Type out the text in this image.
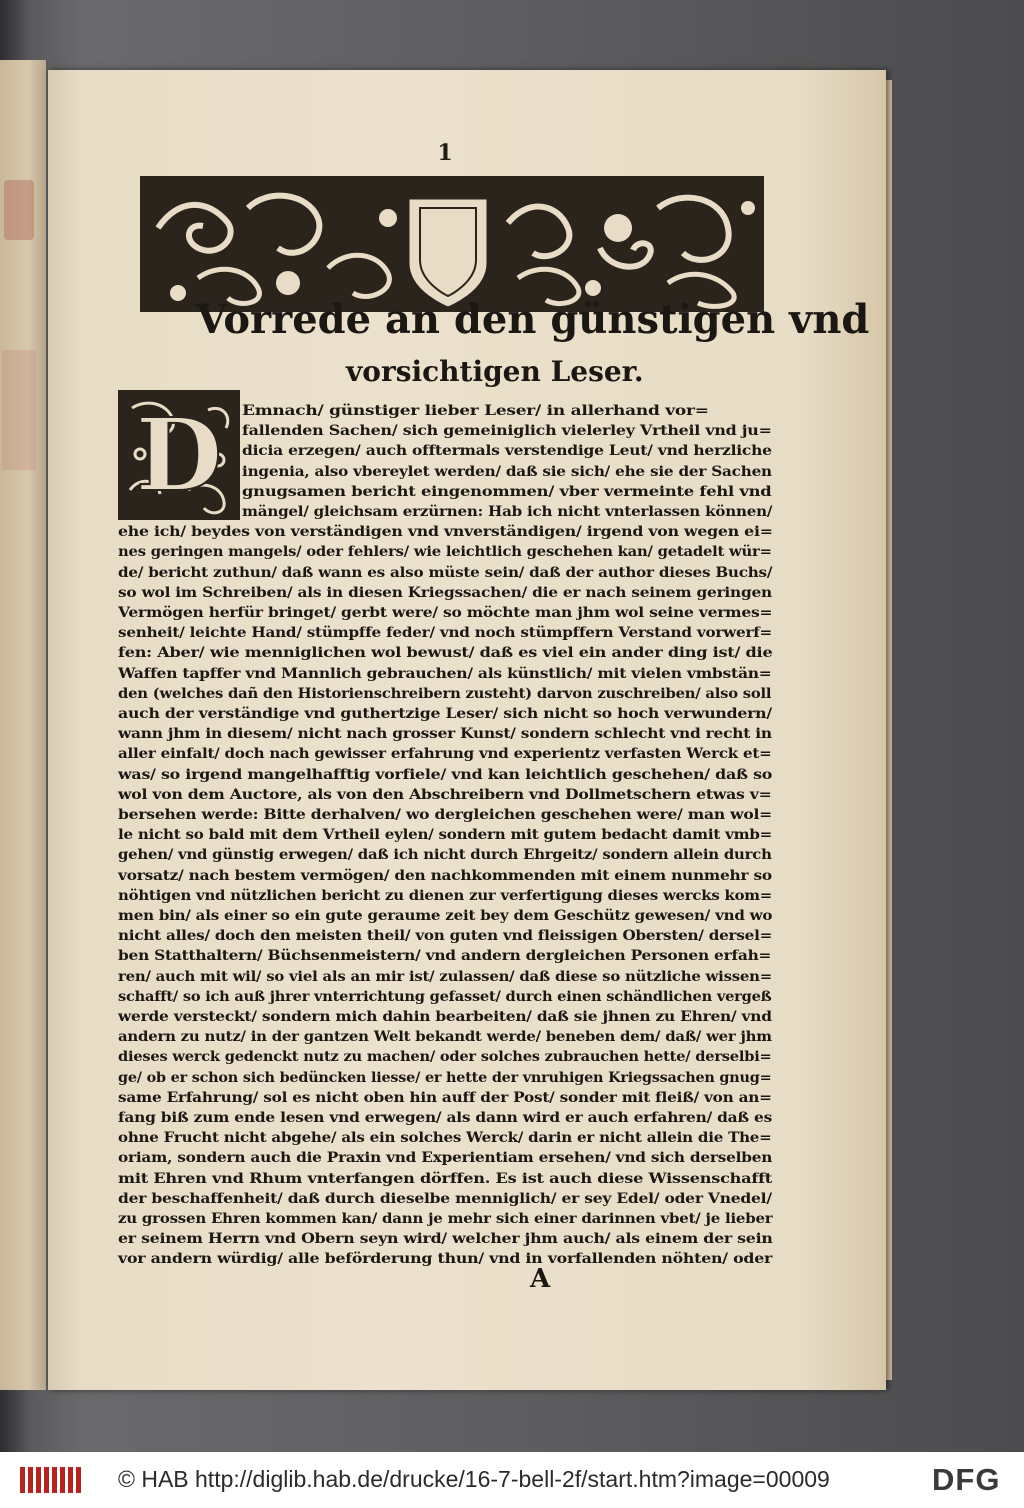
1
Vorrede an den günstigen vnd
vorsichtigen Leser.
D Emnach/ günstiger lieber Leser/ in allerhand vor=
fallenden Sachen/ sich gemeiniglich vielerley Vrtheil vnd ju=
dicia erzegen/ auch offtermals verstendige Leut/ vnd herzliche
ingenia, also vbereylet werden/ daß sie sich/ ehe sie der Sachen
gnugsamen bericht eingenommen/ vber vermeinte fehl vnd
mängel/ gleichsam erzürnen: Hab ich nicht vnterlassen können/
ehe ich/ beydes von verständigen vnd vnverständigen/ irgend von wegen ei=
nes geringen mangels/ oder fehlers/ wie leichtlich geschehen kan/ getadelt wür=
de/ bericht zuthun/ daß wann es also müste sein/ daß der author dieses Buchs/
so wol im Schreiben/ als in diesen Kriegssachen/ die er nach seinem geringen
Vermögen herfür bringet/ gerbt were/ so möchte man jhm wol seine vermes=
senheit/ leichte Hand/ stümpffe feder/ vnd noch stümpffern Verstand vorwerf=
fen: Aber/ wie menniglichen wol bewust/ daß es viel ein ander ding ist/ die
Waffen tapffer vnd Mannlich gebrauchen/ als künstlich/ mit vielen vmbstän=
den (welches dañ den Historienschreibern zusteht) darvon zuschreiben/ also soll
auch der verständige vnd guthertzige Leser/ sich nicht so hoch verwundern/
wann jhm in diesem/ nicht nach grosser Kunst/ sondern schlecht vnd recht in
aller einfalt/ doch nach gewisser erfahrung vnd experientz verfasten Werck et=
was/ so irgend mangelhafftig vorfiele/ vnd kan leichtlich geschehen/ daß so
wol von dem Auctore, als von den Abschreibern vnd Dollmetschern etwas v=
bersehen werde: Bitte derhalven/ wo dergleichen geschehen were/ man wol=
le nicht so bald mit dem Vrtheil eylen/ sondern mit gutem bedacht damit vmb=
gehen/ vnd günstig erwegen/ daß ich nicht durch Ehrgeitz/ sondern allein durch
vorsatz/ nach bestem vermögen/ den nachkommenden mit einem nunmehr so
nöhtigen vnd nützlichen bericht zu dienen zur verfertigung dieses wercks kom=
men bin/ als einer so ein gute geraume zeit bey dem Geschütz gewesen/ vnd wo
nicht alles/ doch den meisten theil/ von guten vnd fleissigen Obersten/ dersel=
ben Statthaltern/ Büchsenmeistern/ vnd andern dergleichen Personen erfah=
ren/ auch mit wil/ so viel als an mir ist/ zulassen/ daß diese so nützliche wissen=
schafft/ so ich auß jhrer vnterrichtung gefasset/ durch einen schändlichen vergeß
werde versteckt/ sondern mich dahin bearbeiten/ daß sie jhnen zu Ehren/ vnd
andern zu nutz/ in der gantzen Welt bekandt werde/ beneben dem/ daß/ wer jhm
dieses werck gedenckt nutz zu machen/ oder solches zubrauchen hette/ derselbi=
ge/ ob er schon sich bedüncken liesse/ er hette der vnruhigen Kriegssachen gnug=
same Erfahrung/ sol es nicht oben hin auff der Post/ sonder mit fleiß/ von an=
fang biß zum ende lesen vnd erwegen/ als dann wird er auch erfahren/ daß es
ohne Frucht nicht abgehe/ als ein solches Werck/ darin er nicht allein die The=
oriam, sondern auch die Praxin vnd Experientiam ersehen/ vnd sich derselben
mit Ehren vnd Rhum vnterfangen dörffen. Es ist auch diese Wissenschafft
der beschaffenheit/ daß durch dieselbe menniglich/ er sey Edel/ oder Vnedel/
zu grossen Ehren kommen kan/ dann je mehr sich einer darinnen vbet/ je lieber
er seinem Herrn vnd Obern seyn wird/ welcher jhm auch/ als einem der sein
vor andern würdig/ alle beförderung thun/ vnd in vorfallenden nöhten/ oder
A
© HAB http://diglib.hab.de/drucke/16-7-bell-2f/start.htm?image=00009	DFG
